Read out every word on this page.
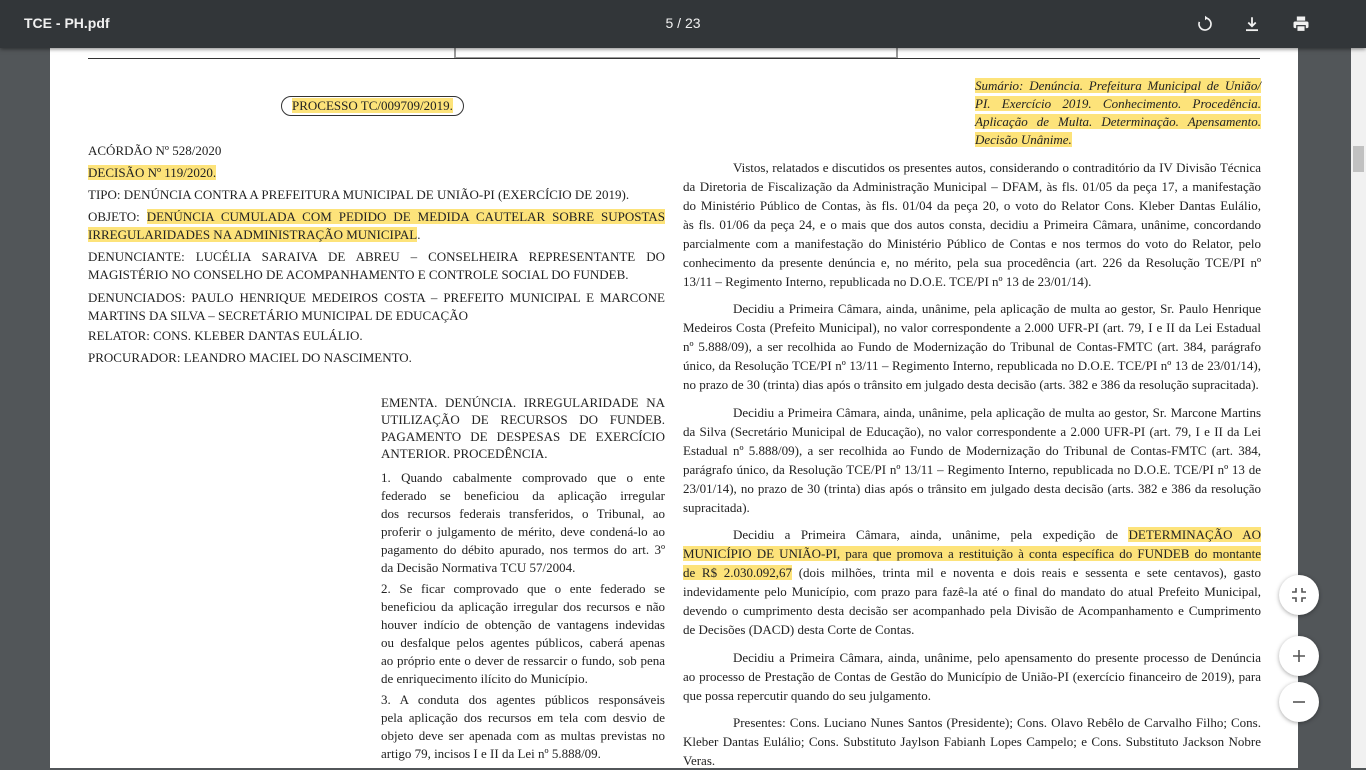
TCE - PH.pdf	5 / 23
PROCESSO TC/009709/2019.
Sumário: Denúncia. Prefeitura Municipal de União/
PI. Exercício 2019. Conhecimento. Procedência.
Aplicação de Multa. Determinação. Apensamento.
Decisão Unânime.
ACÓRDÃO Nº 528/2020
DECISÃO Nº 119/2020.
TIPO: DENÚNCIA CONTRA A PREFEITURA MUNICIPAL DE UNIÃO-PI (EXERCÍCIO DE 2019).
OBJETO: DENÚNCIA CUMULADA COM PEDIDO DE MEDIDA CAUTELAR SOBRE SUPOSTAS
IRREGULARIDADES NA ADMINISTRAÇÃO MUNICIPAL.
DENUNCIANTE: LUCÉLIA SARAIVA DE ABREU – CONSELHEIRA REPRESENTANTE DO
MAGISTÉRIO NO CONSELHO DE ACOMPANHAMENTO E CONTROLE SOCIAL DO FUNDEB.
DENUNCIADOS: PAULO HENRIQUE MEDEIROS COSTA – PREFEITO MUNICIPAL E MARCONE
MARTINS DA SILVA – SECRETÁRIO MUNICIPAL DE EDUCAÇÃO
RELATOR: CONS. KLEBER DANTAS EULÁLIO.
PROCURADOR: LEANDRO MACIEL DO NASCIMENTO.
EMENTA. DENÚNCIA. IRREGULARIDADE NA
UTILIZAÇÃO DE RECURSOS DO FUNDEB.
PAGAMENTO DE DESPESAS DE EXERCÍCIO
ANTERIOR. PROCEDÊNCIA.
1. Quando cabalmente comprovado que o ente
federado se beneficiou da aplicação irregular
dos recursos federais transferidos, o Tribunal, ao
proferir o julgamento de mérito, deve condená-lo ao
pagamento do débito apurado, nos termos do art. 3º
da Decisão Normativa TCU 57/2004.
2. Se ficar comprovado que o ente federado se
beneficiou da aplicação irregular dos recursos e não
houver indício de obtenção de vantagens indevidas
ou desfalque pelos agentes públicos, caberá apenas
ao próprio ente o dever de ressarcir o fundo, sob pena
de enriquecimento ilícito do Município.
3. A conduta dos agentes públicos responsáveis
pela aplicação dos recursos em tela com desvio de
objeto deve ser apenada com as multas previstas no
artigo 79, incisos I e II da Lei nº 5.888/09.
Vistos, relatados e discutidos os presentes autos, considerando o contraditório da IV Divisão Técnica
da Diretoria de Fiscalização da Administração Municipal – DFAM, às fls. 01/05 da peça 17, a manifestação
do Ministério Público de Contas, às fls. 01/04 da peça 20, o voto do Relator Cons. Kleber Dantas Eulálio,
às fls. 01/06 da peça 24, e o mais que dos autos consta, decidiu a Primeira Câmara, unânime, concordando
parcialmente com a manifestação do Ministério Público de Contas e nos termos do voto do Relator, pelo
conhecimento da presente denúncia e, no mérito, pela sua procedência (art. 226 da Resolução TCE/PI nº
13/11 – Regimento Interno, republicada no D.O.E. TCE/PI nº 13 de 23/01/14).
Decidiu a Primeira Câmara, ainda, unânime, pela aplicação de multa ao gestor, Sr. Paulo Henrique
Medeiros Costa (Prefeito Municipal), no valor correspondente a 2.000 UFR-PI (art. 79, I e II da Lei Estadual
nº 5.888/09), a ser recolhida ao Fundo de Modernização do Tribunal de Contas-FMTC (art. 384, parágrafo
único, da Resolução TCE/PI nº 13/11 – Regimento Interno, republicada no D.O.E. TCE/PI nº 13 de 23/01/14),
no prazo de 30 (trinta) dias após o trânsito em julgado desta decisão (arts. 382 e 386 da resolução supracitada).
Decidiu a Primeira Câmara, ainda, unânime, pela aplicação de multa ao gestor, Sr. Marcone Martins
da Silva (Secretário Municipal de Educação), no valor correspondente a 2.000 UFR-PI (art. 79, I e II da Lei
Estadual nº 5.888/09), a ser recolhida ao Fundo de Modernização do Tribunal de Contas-FMTC (art. 384,
parágrafo único, da Resolução TCE/PI nº 13/11 – Regimento Interno, republicada no D.O.E. TCE/PI nº 13 de
23/01/14), no prazo de 30 (trinta) dias após o trânsito em julgado desta decisão (arts. 382 e 386 da resolução
supracitada).
Decidiu a Primeira Câmara, ainda, unânime, pela expedição de DETERMINAÇÃO AO
MUNICÍPIO DE UNIÃO-PI, para que promova a restituição à conta específica do FUNDEB do montante
de R$ 2.030.092,67 (dois milhões, trinta mil e noventa e dois reais e sessenta e sete centavos), gasto
indevidamente pelo Município, com prazo para fazê-la até o final do mandato do atual Prefeito Municipal,
devendo o cumprimento desta decisão ser acompanhado pela Divisão de Acompanhamento e Cumprimento
de Decisões (DACD) desta Corte de Contas.
Decidiu a Primeira Câmara, ainda, unânime, pelo apensamento do presente processo de Denúncia
ao processo de Prestação de Contas de Gestão do Município de União-PI (exercício financeiro de 2019), para
que possa repercutir quando do seu julgamento.
Presentes: Cons. Luciano Nunes Santos (Presidente); Cons. Olavo Rebêlo de Carvalho Filho; Cons.
Kleber Dantas Eulálio; Cons. Substituto Jaylson Fabianh Lopes Campelo; e Cons. Substituto Jackson Nobre
Veras.
